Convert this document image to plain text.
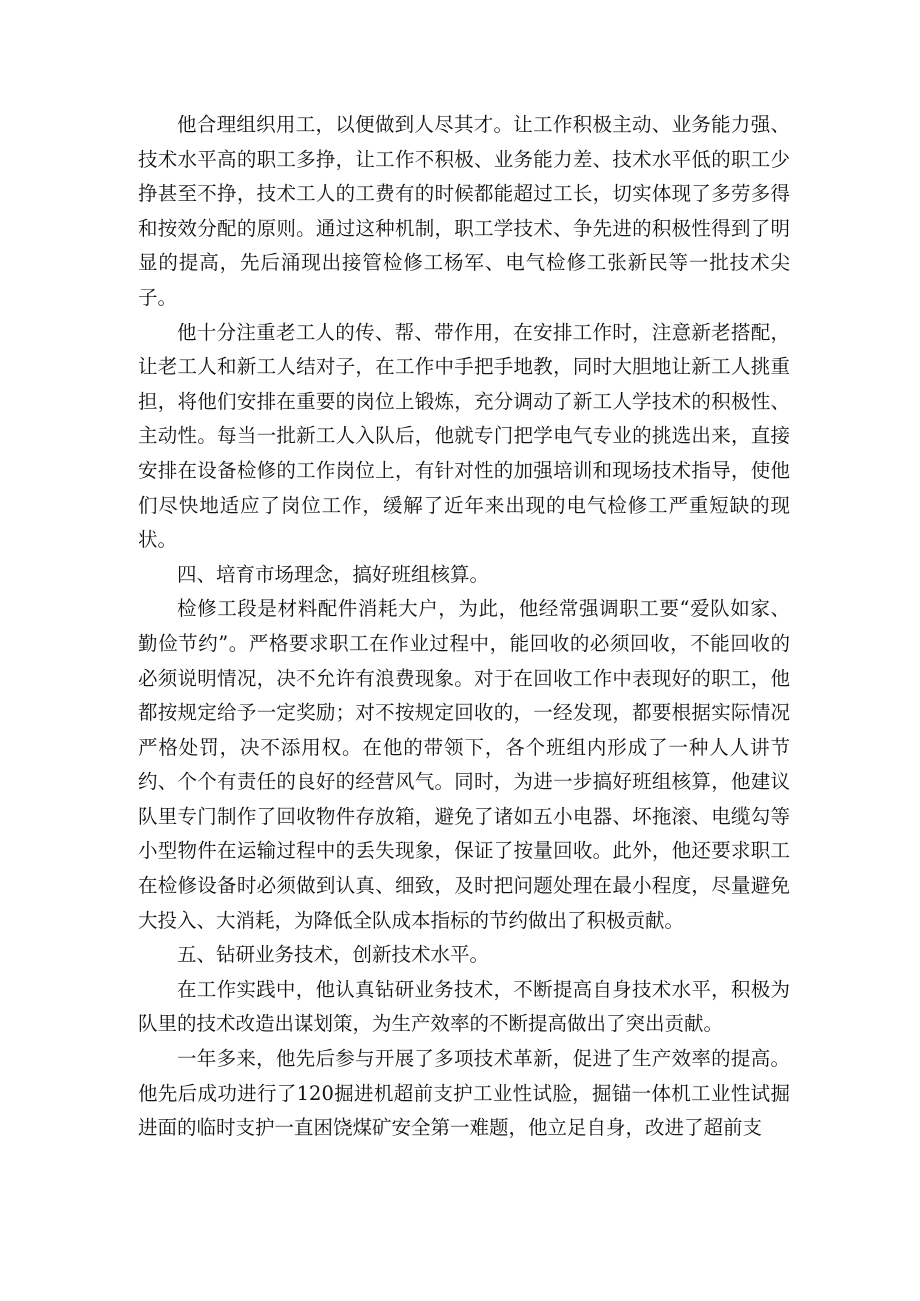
他合理组织用工，以便做到人尽其才。让工作积极主动、业务能力强、技术水平高的职工多挣，让工作不积极、业务能力差、技术水平低的职工少挣甚至不挣，技术工人的工费有的时候都能超过工长，切实体现了多劳多得和按效分配的原则。通过这种机制，职工学技术、争先进的积极性得到了明显的提高，先后涌现出接管检修工杨军、电气检修工张新民等一批技术尖子。

他十分注重老工人的传、帮、带作用，在安排工作时，注意新老搭配，让老工人和新工人结对子，在工作中手把手地教，同时大胆地让新工人挑重担，将他们安排在重要的岗位上锻炼，充分调动了新工人学技术的积极性、主动性。每当一批新工人入队后，他就专门把学电气专业的挑选出来，直接安排在设备检修的工作岗位上，有针对性的加强培训和现场技术指导，使他们尽快地适应了岗位工作，缓解了近年来出现的电气检修工严重短缺的现状。

四、培育市场理念，搞好班组核算。

检修工段是材料配件消耗大户，为此，他经常强调职工要“爱队如家、勤俭节约”。严格要求职工在作业过程中，能回收的必须回收，不能回收的必须说明情况，决不允许有浪费现象。对于在回收工作中表现好的职工，他都按规定给予一定奖励；对不按规定回收的，一经发现，都要根据实际情况严格处罚，决不添用权。在他的带领下，各个班组内形成了一种人人讲节约、个个有责任的良好的经营风气。同时，为进一步搞好班组核算，他建议队里专门制作了回收物件存放箱，避免了诸如五小电器、坏拖滚、电缆勾等小型物件在运输过程中的丢失现象，保证了按量回收。此外，他还要求职工在检修设备时必须做到认真、细致，及时把问题处理在最小程度，尽量避免大投入、大消耗，为降低全队成本指标的节约做出了积极贡献。

五、钻研业务技术，创新技术水平。

在工作实践中，他认真钻研业务技术，不断提高自身技术水平，积极为队里的技术改造出谋划策，为生产效率的不断提高做出了突出贡献。

一年多来，他先后参与开展了多项技术革新，促进了生产效率的提高。他先后成功进行了120掘进机超前支护工业性试脸，掘锚一体机工业性试掘进面的临时支护一直困饶煤矿安全第一难题，他立足自身，改进了超前支
